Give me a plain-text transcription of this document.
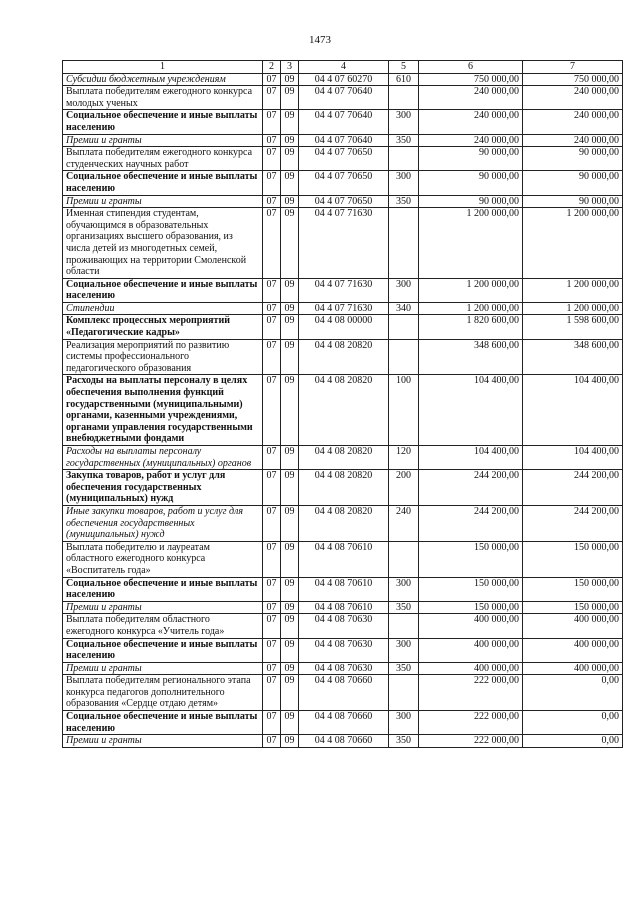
1473
1	2	3	4	5	6	7
Субсидии бюджетным учреждениям	07	09	04 4 07 60270	610	750 000,00	750 000,00
Выплата победителям ежегодного конкурса молодых ученых	07	09	04 4 07 70640		240 000,00	240 000,00
Социальное обеспечение и иные выплаты населению	07	09	04 4 07 70640	300	240 000,00	240 000,00
Премии и гранты	07	09	04 4 07 70640	350	240 000,00	240 000,00
Выплата победителям ежегодного конкурса студенческих научных работ	07	09	04 4 07 70650		90 000,00	90 000,00
Социальное обеспечение и иные выплаты населению	07	09	04 4 07 70650	300	90 000,00	90 000,00
Премии и гранты	07	09	04 4 07 70650	350	90 000,00	90 000,00
Именная стипендия студентам, обучающимся в образовательных организациях высшего образования, из числа детей из многодетных семей, проживающих на территории Смоленской области	07	09	04 4 07 71630		1 200 000,00	1 200 000,00
Социальное обеспечение и иные выплаты населению	07	09	04 4 07 71630	300	1 200 000,00	1 200 000,00
Стипендии	07	09	04 4 07 71630	340	1 200 000,00	1 200 000,00
Комплекс процессных мероприятий «Педагогические кадры»	07	09	04 4 08 00000		1 820 600,00	1 598 600,00
Реализация мероприятий по развитию системы профессионального педагогического образования	07	09	04 4 08 20820		348 600,00	348 600,00
Расходы на выплаты персоналу в целях обеспечения выполнения функций государственными (муниципальными) органами, казенными учреждениями, органами управления государственными внебюджетными фондами	07	09	04 4 08 20820	100	104 400,00	104 400,00
Расходы на выплаты персоналу государственных (муниципальных) органов	07	09	04 4 08 20820	120	104 400,00	104 400,00
Закупка товаров, работ и услуг для обеспечения государственных (муниципальных) нужд	07	09	04 4 08 20820	200	244 200,00	244 200,00
Иные закупки товаров, работ и услуг для обеспечения государственных (муниципальных) нужд	07	09	04 4 08 20820	240	244 200,00	244 200,00
Выплата победителю и лауреатам областного ежегодного конкурса «Воспитатель года»	07	09	04 4 08 70610		150 000,00	150 000,00
Социальное обеспечение и иные выплаты населению	07	09	04 4 08 70610	300	150 000,00	150 000,00
Премии и гранты	07	09	04 4 08 70610	350	150 000,00	150 000,00
Выплата победителям областного ежегодного конкурса «Учитель года»	07	09	04 4 08 70630		400 000,00	400 000,00
Социальное обеспечение и иные выплаты населению	07	09	04 4 08 70630	300	400 000,00	400 000,00
Премии и гранты	07	09	04 4 08 70630	350	400 000,00	400 000,00
Выплата победителям регионального этапа конкурса педагогов дополнительного образования «Сердце отдаю детям»	07	09	04 4 08 70660		222 000,00	0,00
Социальное обеспечение и иные выплаты населению	07	09	04 4 08 70660	300	222 000,00	0,00
Премии и гранты	07	09	04 4 08 70660	350	222 000,00	0,00
